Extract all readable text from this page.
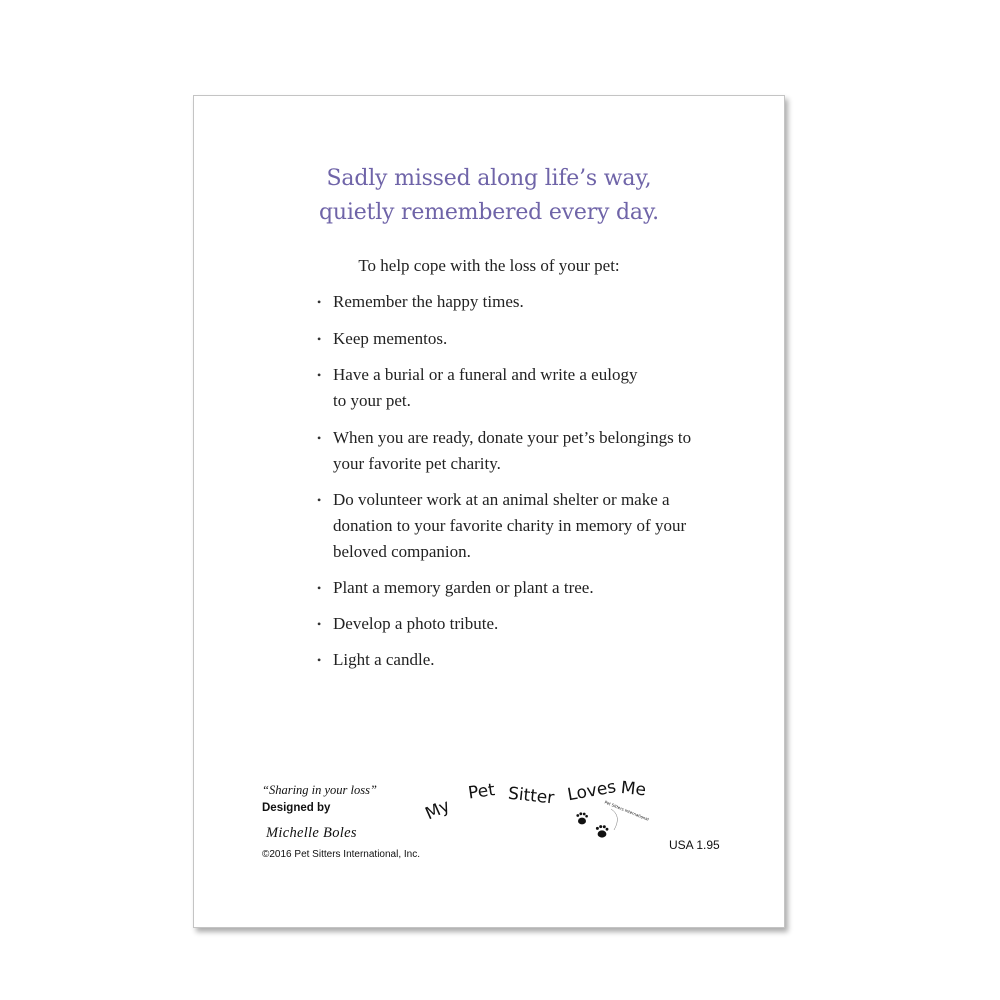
Sadly missed along life’s way,
quietly remembered every day.
To help cope with the loss of your pet:
• Remember the happy times.
• Keep mementos.
• Have a burial or a funeral and write a eulogy
to your pet.
• When you are ready, donate your pet’s belongings to
your favorite pet charity.
• Do volunteer work at an animal shelter or make a
donation to your favorite charity in memory of your
beloved companion.
• Plant a memory garden or plant a tree.
• Develop a photo tribute.
• Light a candle.
“Sharing in your loss”
Designed by
Michelle Boles
©2016 Pet Sitters International, Inc.
My
Pet Sitter Loves Me
Pet Sitters International
USA 1.95
